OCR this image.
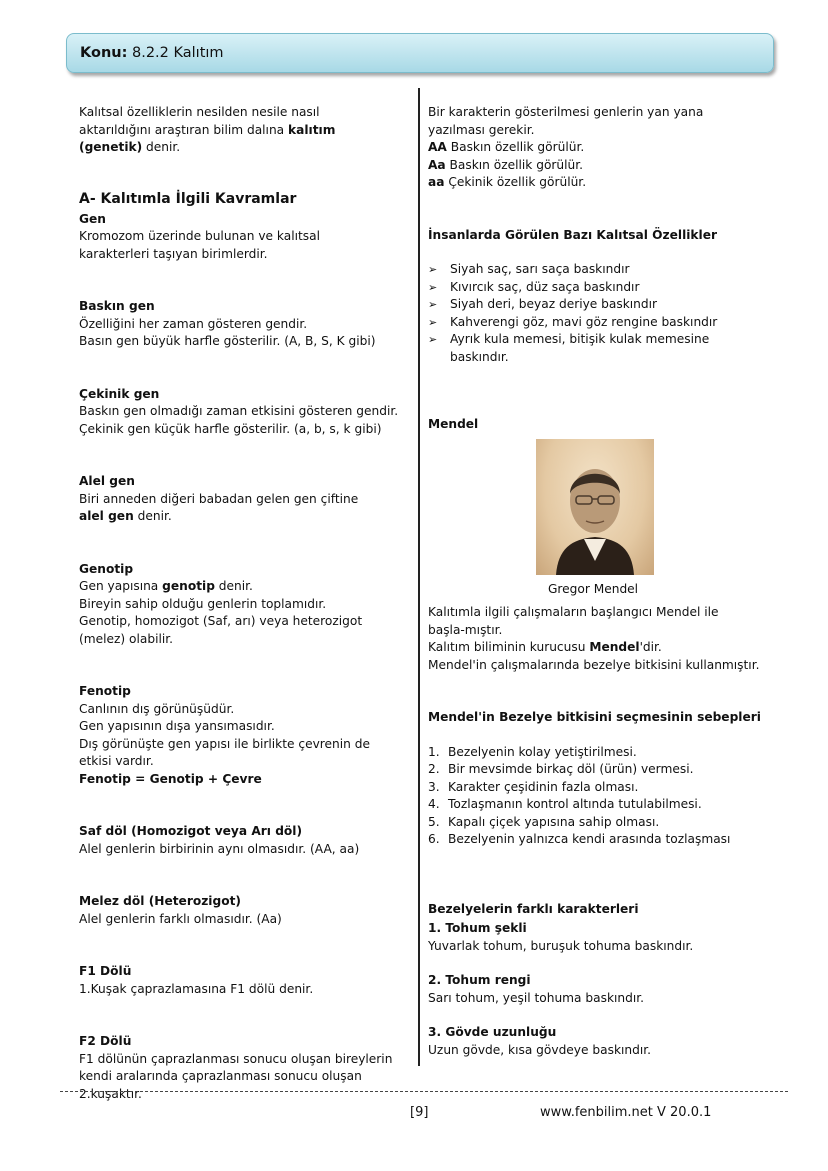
Konu: 8.2.2 Kalıtım

Kalıtsal özelliklerin nesilden nesile nasıl aktarıldığını araştıran bilim dalına kalıtım (genetik) denir.

A- Kalıtımla İlgili Kavramlar

Gen

Kromozom üzerinde bulunan ve kalıtsal karakterleri taşıyan birimlerdir.

Baskın gen

Özelliğini her zaman gösteren gendir.

Basın gen büyük harfle gösterilir. (A, B, S, K gibi)

Çekinik gen

Baskın gen olmadığı zaman etkisini gösteren gendir.

Çekinik gen küçük harfle gösterilir. (a, b, s, k gibi)

Alel gen

Biri anneden diğeri babadan gelen gen çiftine alel gen denir.

Genotip

Gen yapısına genotip denir.

Bireyin sahip olduğu genlerin toplamıdır.

Genotip, homozigot (Saf, arı) veya heterozigot (melez) olabilir.

Fenotip

Canlının dış görünüşüdür.

Gen yapısının dışa yansımasıdır.

Dış görünüşte gen yapısı ile birlikte çevrenin de etkisi vardır.

Fenotip = Genotip + Çevre

Saf döl (Homozigot veya Arı döl)

Alel genlerin birbirinin aynı olmasıdır. (AA, aa)

Melez döl (Heterozigot)

Alel genlerin farklı olmasıdır. (Aa)

F1 Dölü

1.Kuşak çaprazlamasına F1 dölü denir.

F2 Dölü

F1 dölünün çaprazlanması sonucu oluşan bireylerin kendi aralarında çaprazlanması sonucu oluşan 2.kuşaktır.

Bir karakterin gösterilmesi genlerin yan yana yazılması gerekir.

AA Baskın özellik görülür.

Aa Baskın özellik görülür.

aa Çekinik özellik görülür.

İnsanlarda Görülen Bazı Kalıtsal Özellikler

➢ Siyah saç, sarı saça baskındır
➢ Kıvırcık saç, düz saça baskındır
➢ Siyah deri, beyaz deriye baskındır
➢ Kahverengi göz, mavi göz rengine baskındır
➢ Ayrık kula memesi, bitişik kulak memesine baskındır.

Mendel

Gregor Mendel

Kalıtımla ilgili çalışmaların başlangıcı Mendel ile başla-mıştır.

Kalıtım biliminin kurucusu Mendel'dir.

Mendel'in çalışmalarında bezelye bitkisini kullanmıştır.

Mendel'in Bezelye bitkisini seçmesinin sebepleri

1. Bezelyenin kolay yetiştirilmesi.
2. Bir mevsimde birkaç döl (ürün) vermesi.
3. Karakter çeşidinin fazla olması.
4. Tozlaşmanın kontrol altında tutulabilmesi.
5. Kapalı çiçek yapısına sahip olması.
6. Bezelyenin yalnızca kendi arasında tozlaşması

Bezelyelerin farklı karakterleri

1. Tohum şekli

Yuvarlak tohum, buruşuk tohuma baskındır.

2. Tohum rengi

Sarı tohum, yeşil tohuma baskındır.

3. Gövde uzunluğu

Uzun gövde, kısa gövdeye baskındır.

[9]	www.fenbilim.net V 20.0.1
